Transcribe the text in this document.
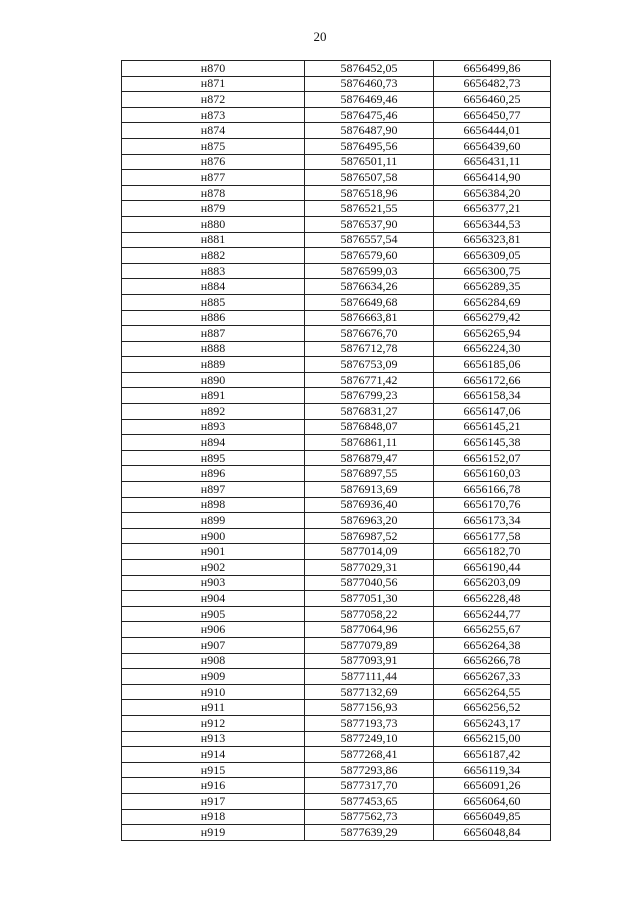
20
н870	5876452,05	6656499,86
н871	5876460,73	6656482,73
н872	5876469,46	6656460,25
н873	5876475,46	6656450,77
н874	5876487,90	6656444,01
н875	5876495,56	6656439,60
н876	5876501,11	6656431,11
н877	5876507,58	6656414,90
н878	5876518,96	6656384,20
н879	5876521,55	6656377,21
н880	5876537,90	6656344,53
н881	5876557,54	6656323,81
н882	5876579,60	6656309,05
н883	5876599,03	6656300,75
н884	5876634,26	6656289,35
н885	5876649,68	6656284,69
н886	5876663,81	6656279,42
н887	5876676,70	6656265,94
н888	5876712,78	6656224,30
н889	5876753,09	6656185,06
н890	5876771,42	6656172,66
н891	5876799,23	6656158,34
н892	5876831,27	6656147,06
н893	5876848,07	6656145,21
н894	5876861,11	6656145,38
н895	5876879,47	6656152,07
н896	5876897,55	6656160,03
н897	5876913,69	6656166,78
н898	5876936,40	6656170,76
н899	5876963,20	6656173,34
н900	5876987,52	6656177,58
н901	5877014,09	6656182,70
н902	5877029,31	6656190,44
н903	5877040,56	6656203,09
н904	5877051,30	6656228,48
н905	5877058,22	6656244,77
н906	5877064,96	6656255,67
н907	5877079,89	6656264,38
н908	5877093,91	6656266,78
н909	5877111,44	6656267,33
н910	5877132,69	6656264,55
н911	5877156,93	6656256,52
н912	5877193,73	6656243,17
н913	5877249,10	6656215,00
н914	5877268,41	6656187,42
н915	5877293,86	6656119,34
н916	5877317,70	6656091,26
н917	5877453,65	6656064,60
н918	5877562,73	6656049,85
н919	5877639,29	6656048,84
